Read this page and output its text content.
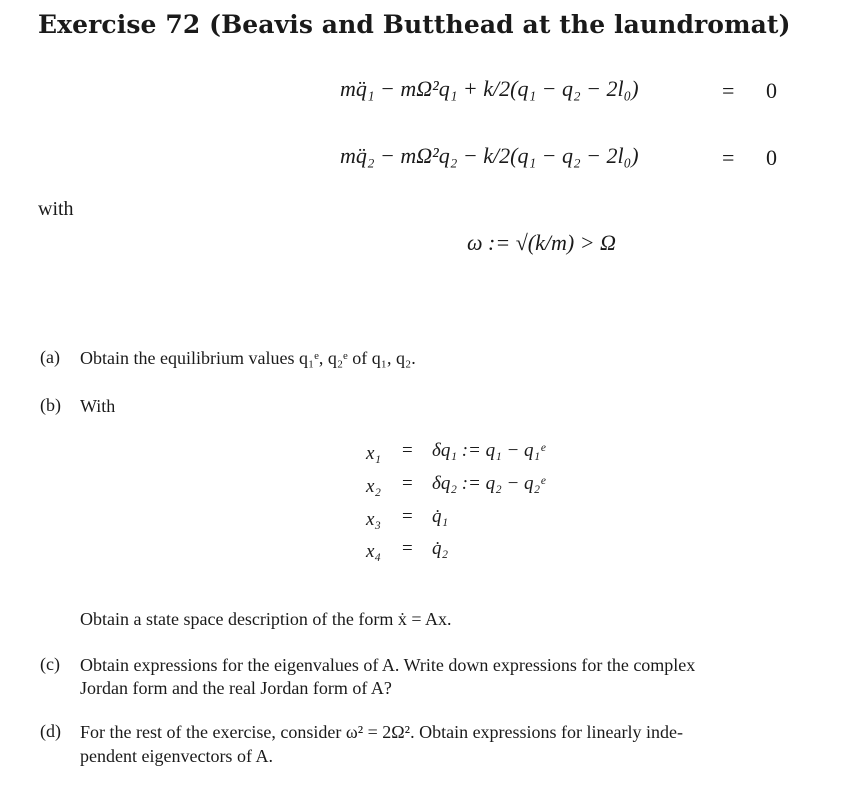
Exercise 72 (Beavis and Butthead at the laundromat)
mq̈₁ − mΩ²q₁ + k/2(q₁ − q₂ − 2l₀)	= 0
mq̈₂ − mΩ²q₂ − k/2(q₁ − q₂ − 2l₀)	= 0
with
ω := √(k/m) > Ω
(a) Obtain the equilibrium values q₁ᵉ, q₂ᵉ of q₁, q₂.
(b) With
x₁ = δq₁ := q₁ − q₁ᵉ
x₂ = δq₂ := q₂ − q₂ᵉ
x₃ = q̇₁
x₄ = q̇₂
Obtain a state space description of the form ẋ = Ax.
(c) Obtain expressions for the eigenvalues of A. Write down expressions for the complex
Jordan form and the real Jordan form of A?
(d) For the rest of the exercise, consider ω² = 2Ω². Obtain expressions for linearly inde-
pendent eigenvectors of A.
